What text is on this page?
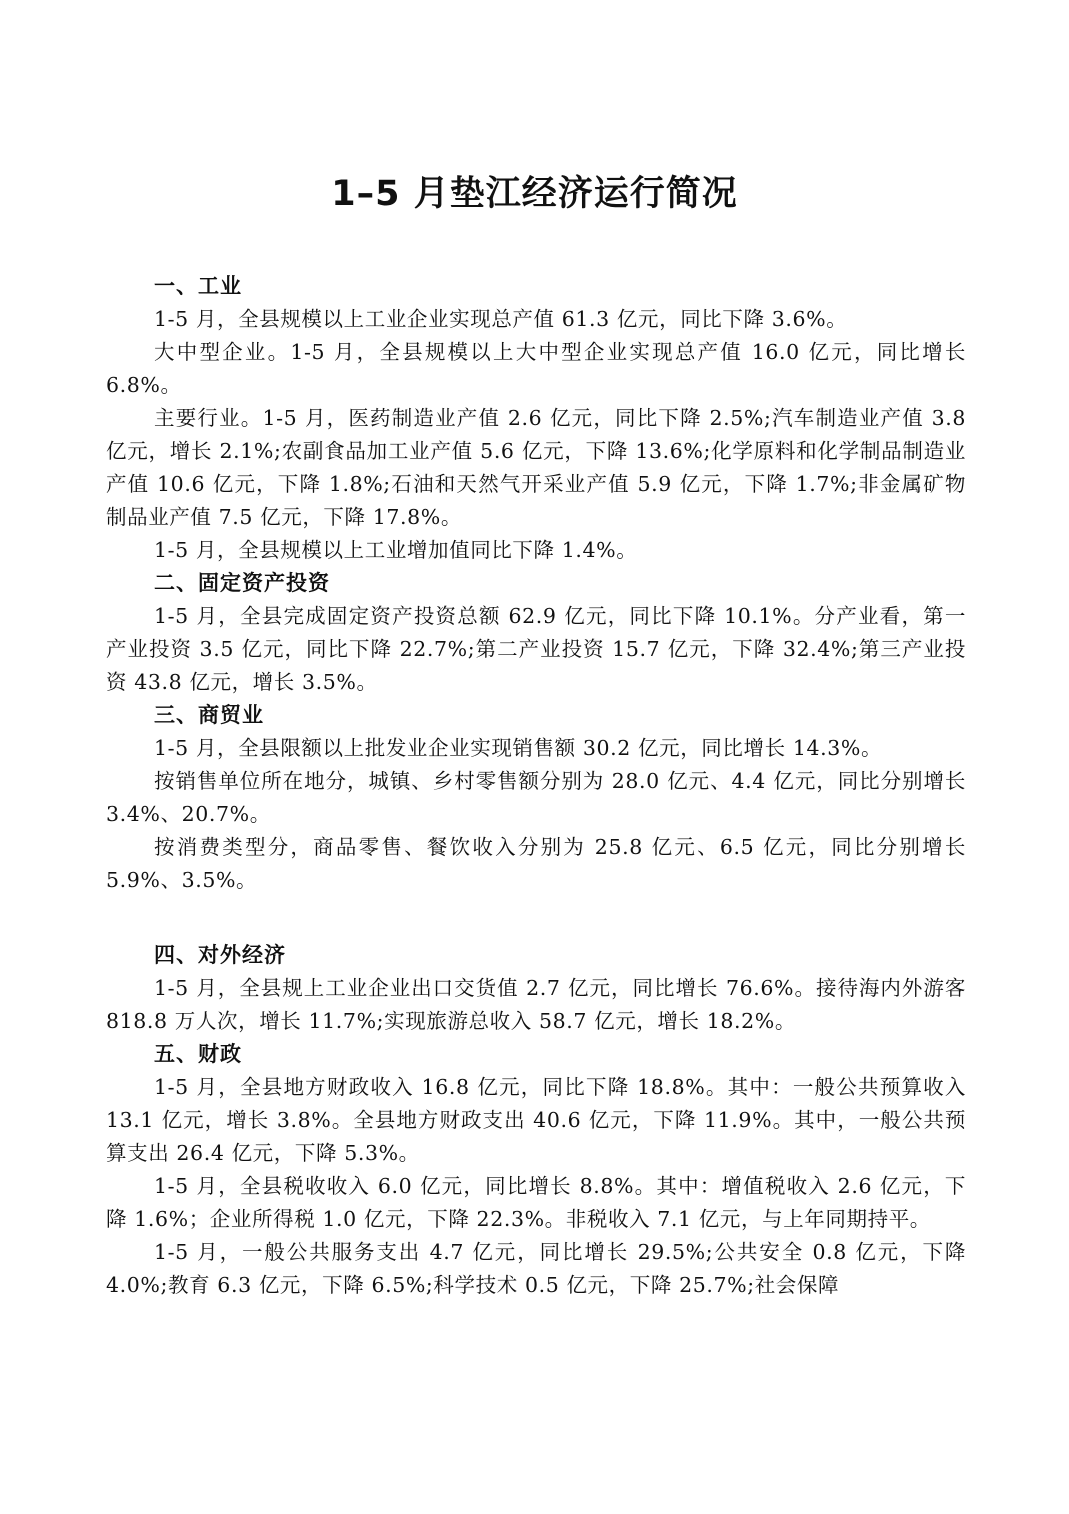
1–5 月垫江经济运行简况

一、工业

1-5 月，全县规模以上工业企业实现总产值 61.3 亿元，同比下降 3.6%。

大中型企业。1-5 月，全县规模以上大中型企业实现总产值 16.0 亿元，同比增长 6.8%。

主要行业。1-5 月，医药制造业产值 2.6 亿元，同比下降 2.5%;汽车制造业产值 3.8 亿元，增长 2.1%;农副食品加工业产值 5.6 亿元，下降 13.6%;化学原料和化学制品制造业产值 10.6 亿元，下降 1.8%;石油和天然气开采业产值 5.9 亿元，下降 1.7%;非金属矿物制品业产值 7.5 亿元，下降 17.8%。

1-5 月，全县规模以上工业增加值同比下降 1.4%。

二、固定资产投资

1-5 月，全县完成固定资产投资总额 62.9 亿元，同比下降 10.1%。分产业看，第一产业投资 3.5 亿元，同比下降 22.7%;第二产业投资 15.7 亿元，下降 32.4%;第三产业投资 43.8 亿元，增长 3.5%。

三、商贸业

1-5 月，全县限额以上批发业企业实现销售额 30.2 亿元，同比增长 14.3%。

按销售单位所在地分，城镇、乡村零售额分别为 28.0 亿元、4.4 亿元，同比分别增长 3.4%、20.7%。

按消费类型分，商品零售、餐饮收入分别为 25.8 亿元、6.5 亿元，同比分别增长 5.9%、3.5%。

四、对外经济

1-5 月，全县规上工业企业出口交货值 2.7 亿元，同比增长 76.6%。接待海内外游客 818.8 万人次，增长 11.7%;实现旅游总收入 58.7 亿元，增长 18.2%。

五、财政

1-5 月，全县地方财政收入 16.8 亿元，同比下降 18.8%。其中：一般公共预算收入 13.1 亿元，增长 3.8%。全县地方财政支出 40.6 亿元，下降 11.9%。其中，一般公共预算支出 26.4 亿元，下降 5.3%。

1-5 月，全县税收收入 6.0 亿元，同比增长 8.8%。其中：增值税收入 2.6 亿元，下降 1.6%；企业所得税 1.0 亿元，下降 22.3%。非税收入 7.1 亿元，与上年同期持平。

1-5 月，一般公共服务支出 4.7 亿元，同比增长 29.5%;公共安全 0.8 亿元，下降 4.0%;教育 6.3 亿元，下降 6.5%;科学技术 0.5 亿元，下降 25.7%;社会保障
